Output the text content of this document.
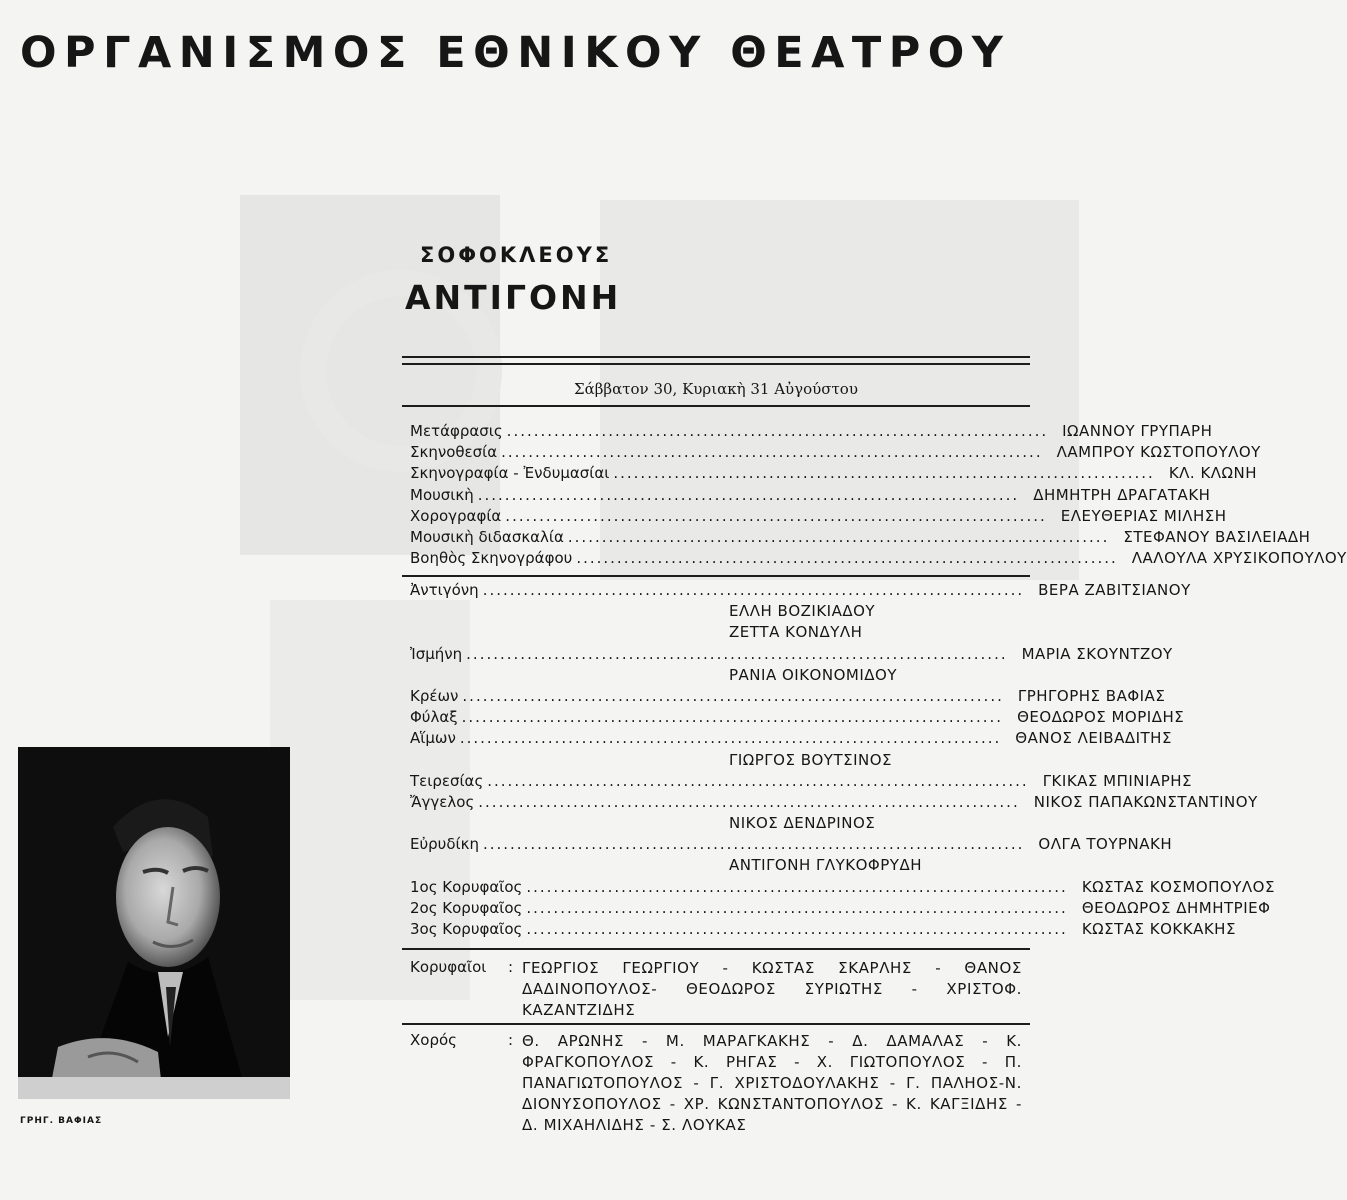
ΟΡΓΑΝΙΣΜΟΣ ΕΘΝΙΚΟΥ ΘΕΑΤΡΟΥ
ΣΟΦΟΚΛΕΟΥΣ
ΑΝΤΙΓΟΝΗ
Σάββατον 30, Κυριακὴ 31 Αὐγούστου
Μετάφρασις ................................................................................ ΙΩΑΝΝΟΥ ΓΡΥΠΑΡΗ
Σκηνοθεσία ................................................................................ ΛΑΜΠΡΟΥ ΚΩΣΤΟΠΟΥΛΟΥ
Σκηνογραφία - Ἐνδυμασίαι ................................................................................ ΚΛ. ΚΛΩΝΗ
Μουσικὴ ................................................................................ ΔΗΜΗΤΡΗ ΔΡΑΓΑΤΑΚΗ
Χορογραφία ................................................................................ ΕΛΕΥΘΕΡΙΑΣ ΜΙΛΗΣΗ
Μουσικὴ διδασκαλία ................................................................................ ΣΤΕΦΑΝΟΥ ΒΑΣΙΛΕΙΑΔΗ
Βοηθὸς Σκηνογράφου ................................................................................ ΛΑΛΟΥΛΑ ΧΡΥΣΙΚΟΠΟΥΛΟΥ
Ἀντιγόνη ................................................................................ ΒΕΡΑ ΖΑΒΙΤΣΙΑΝΟΥ
ΕΛΛΗ ΒΟΖΙΚΙΑΔΟΥ
ΖΕΤΤΑ ΚΟΝΔΥΛΗ
Ἰσμήνη ................................................................................ ΜΑΡΙΑ ΣΚΟΥΝΤΖΟΥ
ΡΑΝΙΑ ΟΙΚΟΝΟΜΙΔΟΥ
Κρέων ................................................................................ ΓΡΗΓΟΡΗΣ ΒΑΦΙΑΣ
Φύλαξ ................................................................................ ΘΕΟΔΩΡΟΣ ΜΟΡΙΔΗΣ
Αἵμων ................................................................................ ΘΑΝΟΣ ΛΕΙΒΑΔΙΤΗΣ
ΓΙΩΡΓΟΣ ΒΟΥΤΣΙΝΟΣ
Τειρεσίας ................................................................................ ΓΚΙΚΑΣ ΜΠΙΝΙΑΡΗΣ
Ἄγγελος ................................................................................ ΝΙΚΟΣ ΠΑΠΑΚΩΝΣΤΑΝΤΙΝΟΥ
ΝΙΚΟΣ ΔΕΝΔΡΙΝΟΣ
Εὐρυδίκη ................................................................................ ΟΛΓΑ ΤΟΥΡΝΑΚΗ
ΑΝΤΙΓΟΝΗ ΓΛΥΚΟΦΡΥΔΗ
1ος Κορυφαῖος ................................................................................ ΚΩΣΤΑΣ ΚΟΣΜΟΠΟΥΛΟΣ
2ος Κορυφαῖος ................................................................................ ΘΕΟΔΩΡΟΣ ΔΗΜΗΤΡΙΕΦ
3ος Κορυφαῖος ................................................................................ ΚΩΣΤΑΣ ΚΟΚΚΑΚΗΣ
Κορυφαῖοι : ΓΕΩΡΓΙΟΣ ΓΕΩΡΓΙΟΥ - ΚΩΣΤΑΣ ΣΚΑΡΛΗΣ - ΘΑΝΟΣ ΔΑΔΙΝΟΠΟΥΛΟΣ- ΘΕΟΔΩΡΟΣ ΣΥΡΙΩΤΗΣ - ΧΡΙΣΤΟΦ. ΚΑΖΑΝΤΖΙΔΗΣ
Χορός	: Θ. ΑΡΩΝΗΣ - Μ. ΜΑΡΑΓΚΑΚΗΣ - Δ. ΔΑΜΑΛΑΣ - Κ. ΦΡΑΓΚΟΠΟΥΛΟΣ - Κ. ΡΗΓΑΣ - Χ. ΓΙΩΤΟΠΟΥΛΟΣ - Π. ΠΑΝΑΓΙΩΤΟΠΟΥΛΟΣ - Γ. ΧΡΙΣΤΟΔΟΥΛΑΚΗΣ - Γ. ΠΑΛΗΟΣ-Ν. ΔΙΟΝΥΣΟΠΟΥΛΟΣ - ΧΡ. ΚΩΝΣΤΑΝΤΟΠΟΥΛΟΣ - Κ. ΚΑΓΞΙΔΗΣ - Δ. ΜΙΧΑΗΛΙΔΗΣ - Σ. ΛΟΥΚΑΣ
ΓΡΗΓ. ΒΑΦΙΑΣ
